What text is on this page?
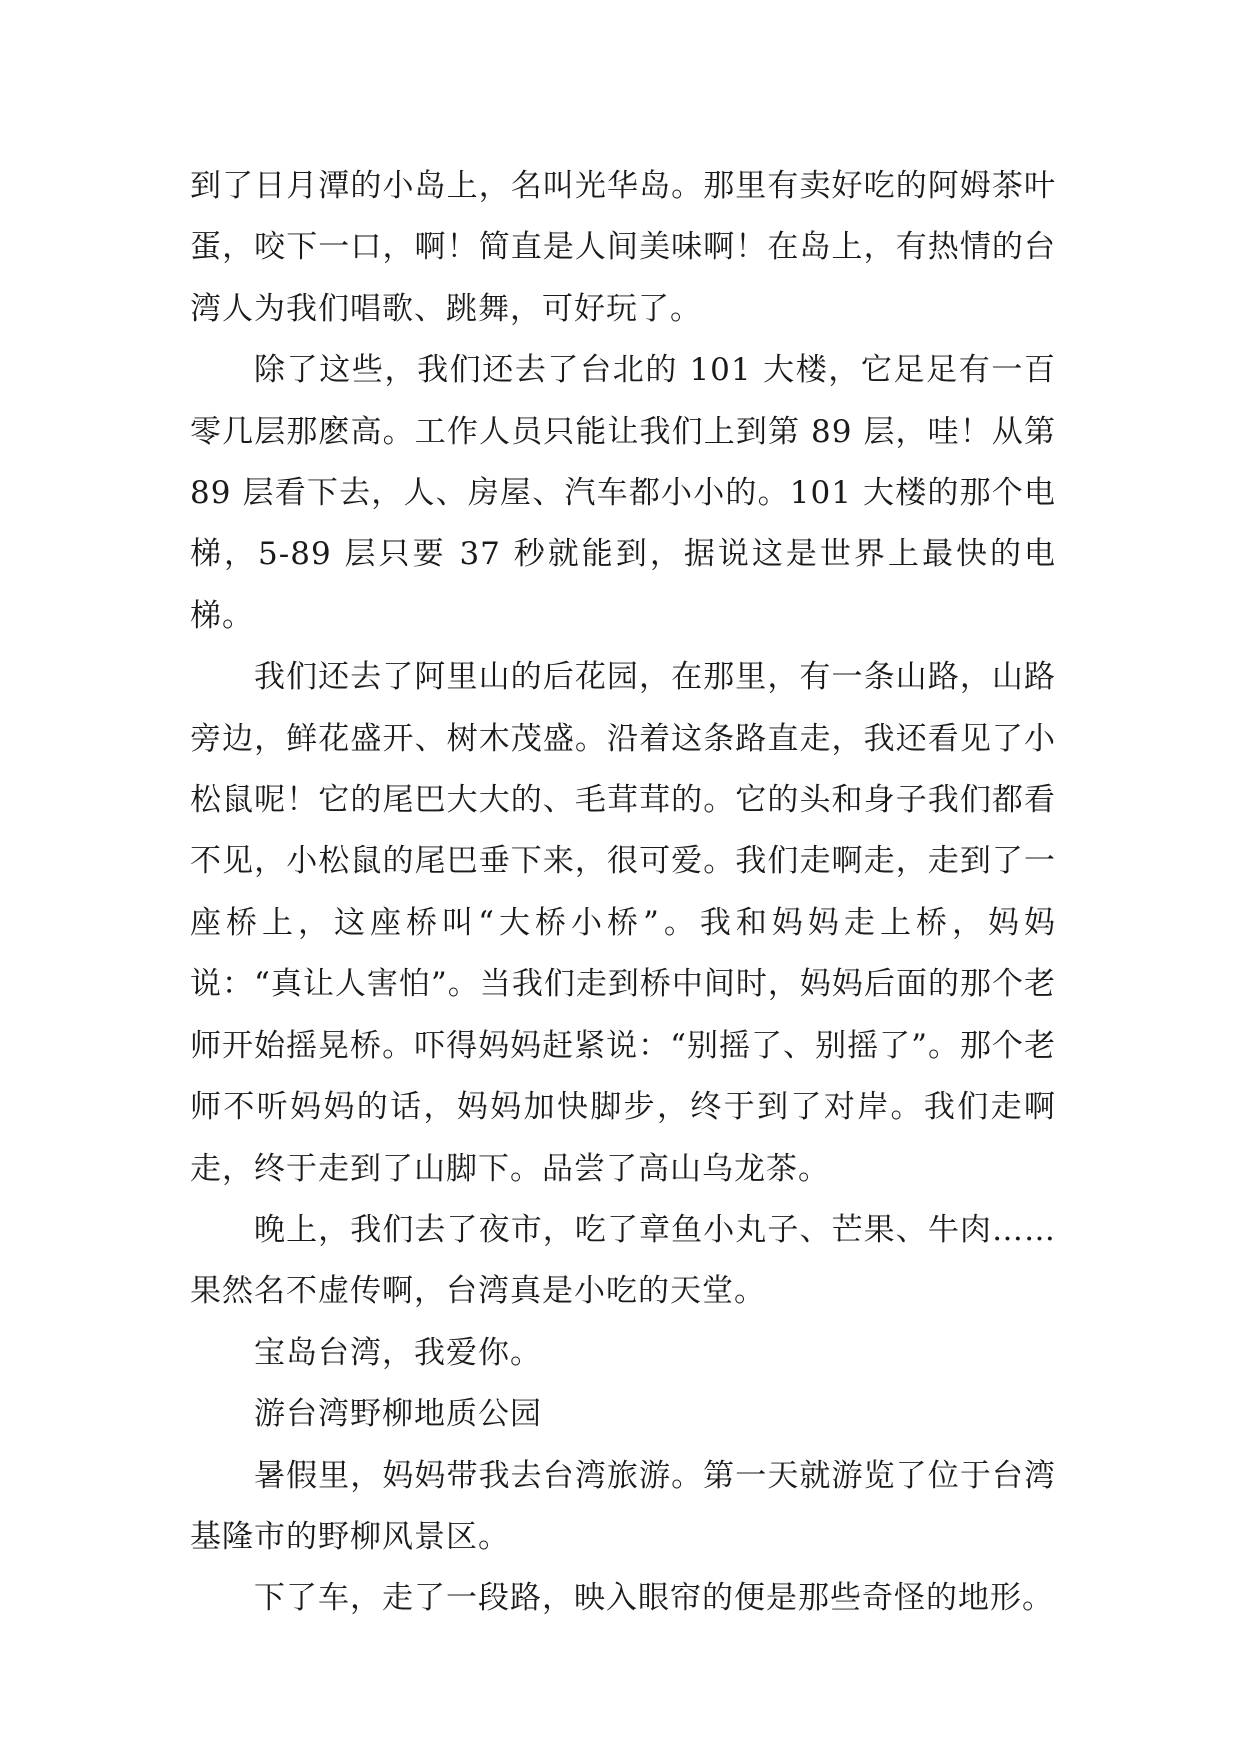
到了日月潭的小岛上，名叫光华岛。那里有卖好吃的阿姆茶叶蛋，咬下一口，啊！简直是人间美味啊！在岛上，有热情的台湾人为我们唱歌、跳舞，可好玩了。

除了这些，我们还去了台北的 101 大楼，它足足有一百零几层那麽高。工作人员只能让我们上到第 89 层，哇！从第 89 层看下去，人、房屋、汽车都小小的。101 大楼的那个电梯，5-89 层只要 37 秒就能到，据说这是世界上最快的电梯。

我们还去了阿里山的后花园，在那里，有一条山路，山路旁边，鲜花盛开、树木茂盛。沿着这条路直走，我还看见了小松鼠呢！它的尾巴大大的、毛茸茸的。它的头和身子我们都看不见，小松鼠的尾巴垂下来，很可爱。我们走啊走，走到了一座桥上，这座桥叫“大桥小桥”。我和妈妈走上桥，妈妈说：“真让人害怕”。当我们走到桥中间时，妈妈后面的那个老师开始摇晃桥。吓得妈妈赶紧说：“别摇了、别摇了”。那个老师不听妈妈的话，妈妈加快脚步，终于到了对岸。我们走啊走，终于走到了山脚下。品尝了高山乌龙茶。

晚上，我们去了夜市，吃了章鱼小丸子、芒果、牛肉……果然名不虚传啊，台湾真是小吃的天堂。

宝岛台湾，我爱你。

游台湾野柳地质公园

暑假里，妈妈带我去台湾旅游。第一天就游览了位于台湾基隆市的野柳风景区。

下了车，走了一段路，映入眼帘的便是那些奇怪的地形。
